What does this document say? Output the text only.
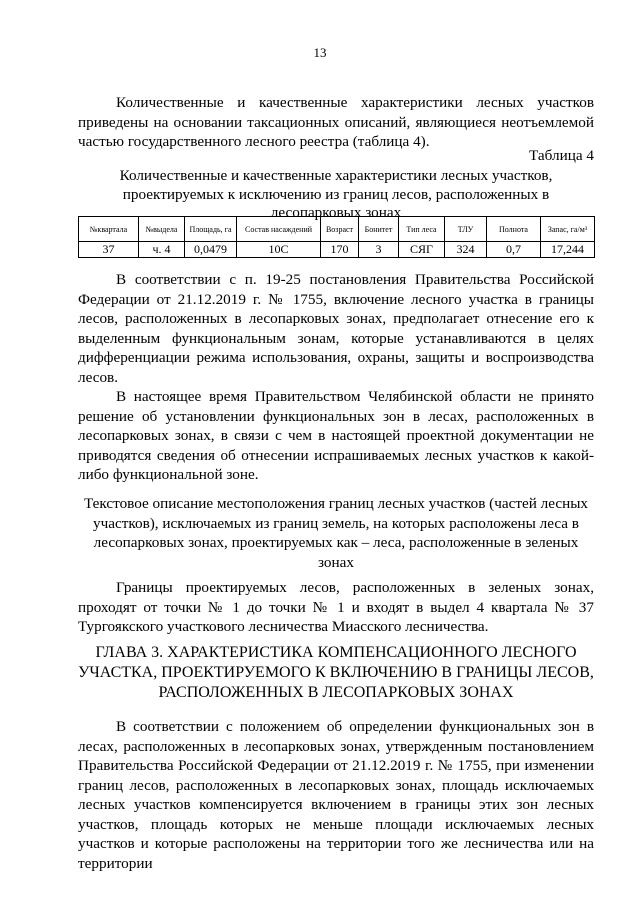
13

Количественные и качественные характеристики лесных участков приведены на основании таксационных описаний, являющиеся неотъемлемой частью государственного лесного реестра (таблица 4).

Таблица 4
Количественные и качественные характеристики лесных участков, проектируемых к исключению из границ лесов, расположенных в лесопарковых зонах
№квартала	№выдела	Площадь, га	Состав насаждений	Возраст	Бонитет	Тип леса	ТЛУ	Полнота	Запас, га/м³
37	ч. 4	0,0479	10С	170	3	СЯГ	324	0,7	17,244

В соответствии с п. 19-25 постановления Правительства Российской Федерации от 21.12.2019 г. № 1755, включение лесного участка в границы лесов, расположенных в лесопарковых зонах, предполагает отнесение его к выделенным функциональным зонам, которые устанавливаются в целях дифференциации режима использования, охраны, защиты и воспроизводства лесов.

В настоящее время Правительством Челябинской области не принято решение об установлении функциональных зон в лесах, расположенных в лесопарковых зонах, в связи с чем в настоящей проектной документации не приводятся сведения об отнесении испрашиваемых лесных участков к какой-либо функциональной зоне.

Текстовое описание местоположения границ лесных участков (частей лесных участков), исключаемых из границ земель, на которых расположены леса в лесопарковых зонах, проектируемых как – леса, расположенные в зеленых зонах

Границы проектируемых лесов, расположенных в зеленых зонах, проходят от точки № 1 до точки № 1 и входят в выдел 4 квартала № 37 Тургоякского участкового лесничества Миасского лесничества.

ГЛАВА 3. ХАРАКТЕРИСТИКА КОМПЕНСАЦИОННОГО ЛЕСНОГО УЧАСТКА, ПРОЕКТИРУЕМОГО К ВКЛЮЧЕНИЮ В ГРАНИЦЫ ЛЕСОВ, РАСПОЛОЖЕННЫХ В ЛЕСОПАРКОВЫХ ЗОНАХ

В соответствии с положением об определении функциональных зон в лесах, расположенных в лесопарковых зонах, утвержденным постановлением Правительства Российской Федерации от 21.12.2019 г. № 1755, при изменении границ лесов, расположенных в лесопарковых зонах, площадь исключаемых лесных участков компенсируется включением в границы этих зон лесных участков, площадь которых не меньше площади исключаемых лесных участков и которые расположены на территории того же лесничества или на территории
